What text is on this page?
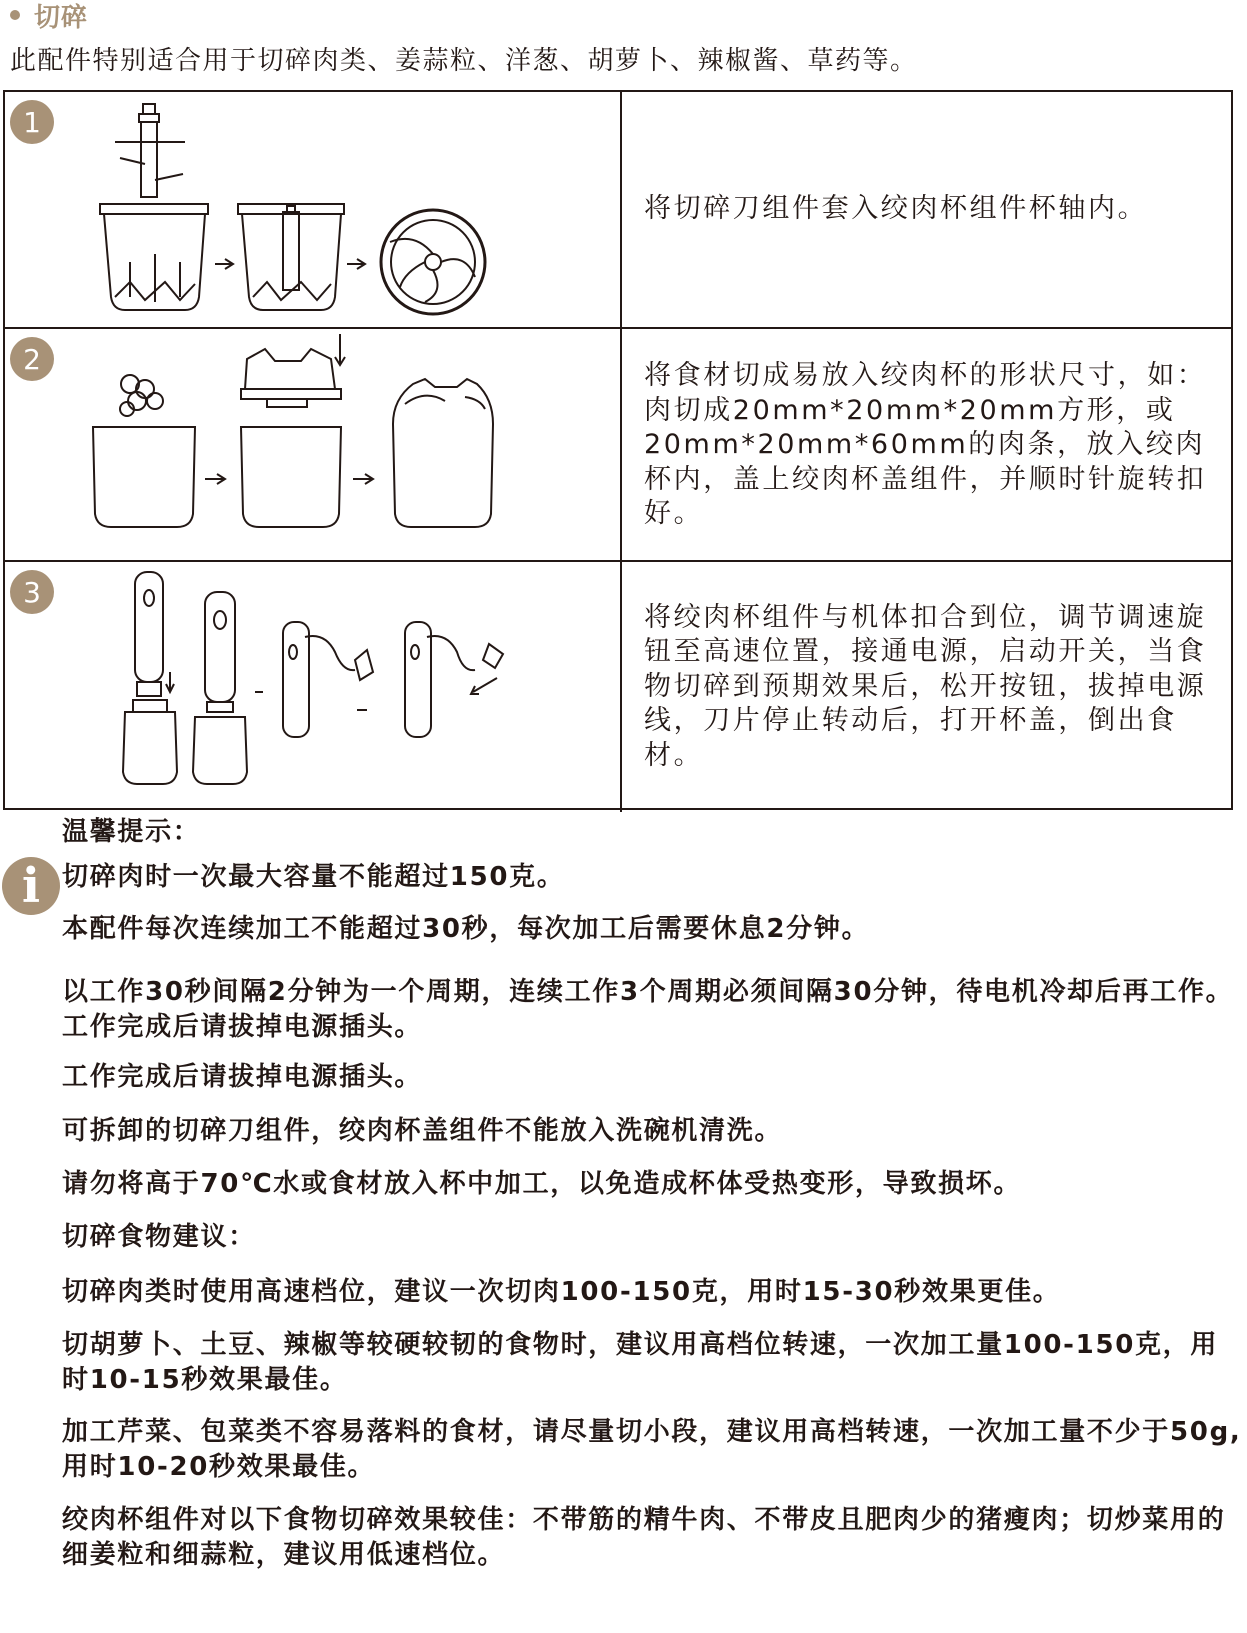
切碎
此配件特别适合用于切碎肉类、姜蒜粒、洋葱、胡萝卜、辣椒酱、草药等。
1

将切碎刀组件套入绞肉杯组件杯轴内。

2

将食材切成易放入绞肉杯的形状尺寸，如：肉切成20mm*20mm*20mm方形，或20mm*20mm*60mm的肉条，放入绞肉杯内，盖上绞肉杯盖组件，并顺时针旋转扣好。

3

将绞肉杯组件与机体扣合到位，调节调速旋钮至高速位置，接通电源，启动开关，当食物切碎到预期效果后，松开按钮，拔掉电源线，刀片停止转动后，打开杯盖，倒出食材。

i

温馨提示：

切碎肉时一次最大容量不能超过150克。

本配件每次连续加工不能超过30秒，每次加工后需要休息2分钟。

以工作30秒间隔2分钟为一个周期，连续工作3个周期必须间隔30分钟，待电机冷却后再工作。工作完成后请拔掉电源插头。

工作完成后请拔掉电源插头。

可拆卸的切碎刀组件，绞肉杯盖组件不能放入洗碗机清洗。

请勿将高于70℃水或食材放入杯中加工，以免造成杯体受热变形，导致损坏。

切碎食物建议：

切碎肉类时使用高速档位，建议一次切肉100-150克，用时15-30秒效果更佳。

切胡萝卜、土豆、辣椒等较硬较韧的食物时，建议用高档位转速，一次加工量100-150克，用时10-15秒效果最佳。

加工芹菜、包菜类不容易落料的食材，请尽量切小段，建议用高档转速，一次加工量不少于50g,用时10-20秒效果最佳。

绞肉杯组件对以下食物切碎效果较佳：不带筋的精牛肉、不带皮且肥肉少的猪瘦肉；切炒菜用的细姜粒和细蒜粒，建议用低速档位。
